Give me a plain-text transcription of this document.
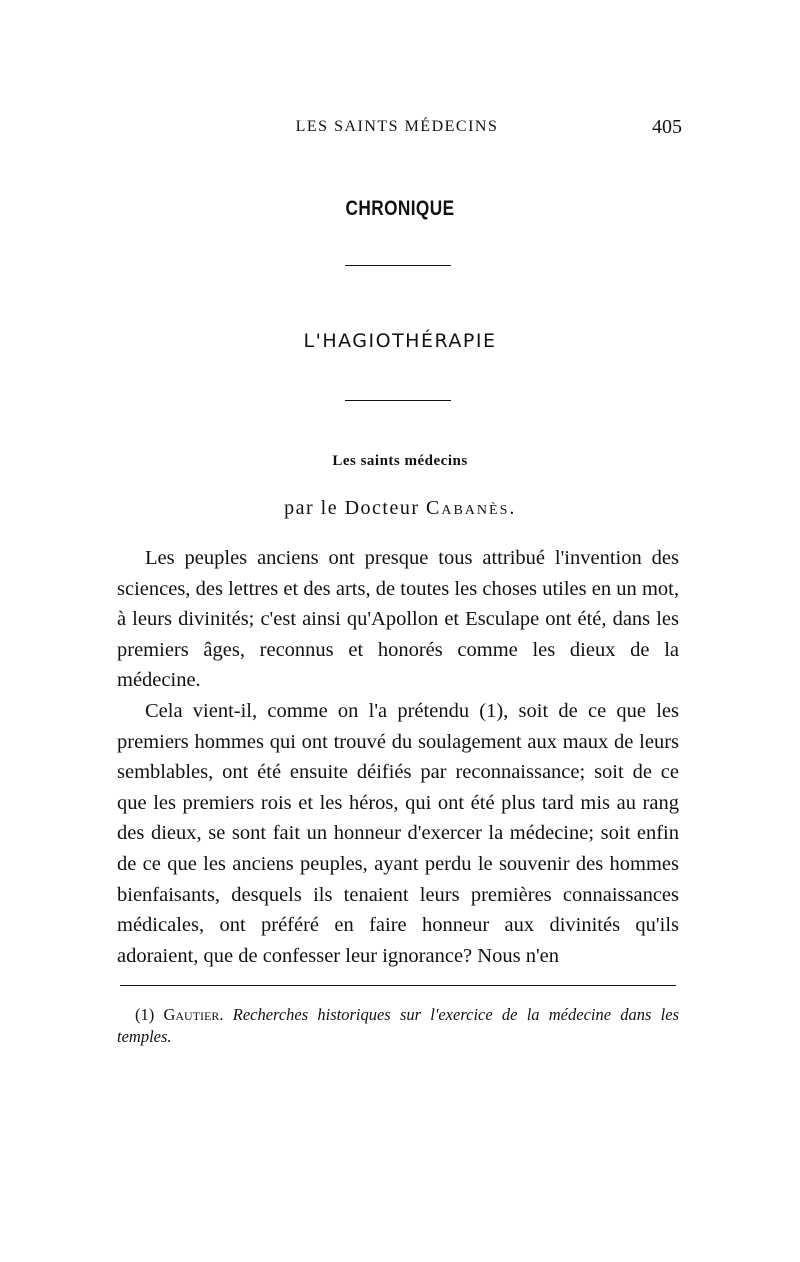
LES SAINTS MÉDECINS	405
CHRONIQUE
L'HAGIOTHÉRAPIE
Les saints médecins
par le Docteur Cabanès.

Les peuples anciens ont presque tous attribué l'invention des sciences, des lettres et des arts, de toutes les choses utiles en un mot, à leurs divinités; c'est ainsi qu'Apollon et Esculape ont été, dans les premiers âges, reconnus et honorés comme les dieux de la médecine.

Cela vient-il, comme on l'a prétendu (1), soit de ce que les premiers hommes qui ont trouvé du soulagement aux maux de leurs semblables, ont été ensuite déifiés par reconnaissance; soit de ce que les premiers rois et les héros, qui ont été plus tard mis au rang des dieux, se sont fait un honneur d'exercer la médecine; soit enfin de ce que les anciens peuples, ayant perdu le souvenir des hommes bienfaisants, desquels ils tenaient leurs premières connaissances médicales, ont préféré en faire honneur aux divinités qu'ils adoraient, que de confesser leur ignorance? Nous n'en

(1) Gautier. Recherches historiques sur l'exercice de la médecine dans les temples.
